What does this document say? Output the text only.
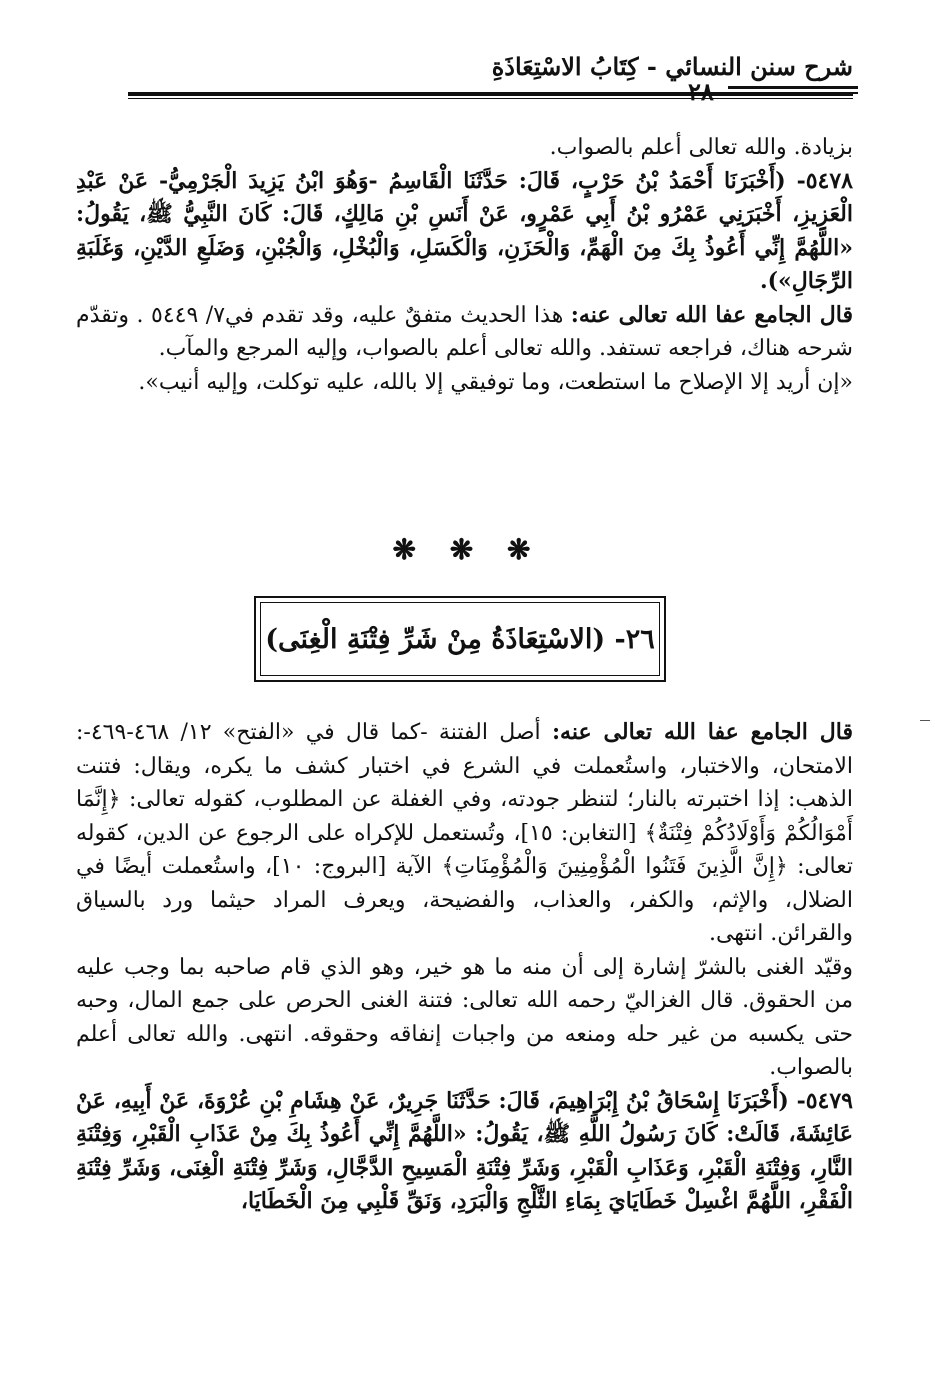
شرح سنن النسائي - كِتَابُ الاسْتِعَاذَةِ
٢٨

بزيادة. والله تعالى أعلم بالصواب.

٥٤٧٨- (أَخْبَرَنَا أَحْمَدُ بْنُ حَرْبٍ، قَالَ: حَدَّثَنَا الْقَاسِمُ -وَهُوَ ابْنُ يَزِيدَ الْجَرْمِيُّ- عَنْ عَبْدِ الْعَزِيزِ، أَخْبَرَنِي عَمْرُو بْنُ أَبِي عَمْرٍو، عَنْ أَنَسِ بْنِ مَالِكٍ، قَالَ: كَانَ النَّبِيُّ ﷺ، يَقُولُ: «اللَّهُمَّ إِنِّي أَعُوذُ بِكَ مِنَ الْهَمِّ، وَالْحَزَنِ، وَالْكَسَلِ، وَالْبُخْلِ، وَالْجُبْنِ، وَضَلَعِ الدَّيْنِ، وَغَلَبَةِ الرِّجَالِ»).

قال الجامع عفا الله تعالى عنه: هذا الحديث متفقٌ عليه، وقد تقدم في٧/ ٥٤٤٩ . وتقدّم شرحه هناك، فراجعه تستفد. والله تعالى أعلم بالصواب، وإليه المرجع والمآب.

«إن أريد إلا الإصلاح ما استطعت، وما توفيقي إلا بالله، عليه توكلت، وإليه أنيب».

❋ ❋ ❋
٢٦- (الاسْتِعَاذَةُ مِنْ شَرِّ فِتْنَةِ الْغِنَى)

قال الجامع عفا الله تعالى عنه: أصل الفتنة -كما قال في «الفتح» ١٢/ ٤٦٨-٤٦٩-: الامتحان، والاختبار، واستُعملت في الشرع في اختبار كشف ما يكره، ويقال: فتنت الذهب: إذا اختبرته بالنار؛ لتنظر جودته، وفي الغفلة عن المطلوب، كقوله تعالى: ﴿إِنَّمَا أَمْوَالُكُمْ وَأَوْلَادُكُمْ فِتْنَةٌ﴾ [التغابن: ١٥]، وتُستعمل للإكراه على الرجوع عن الدين، كقوله تعالى: ﴿إِنَّ الَّذِينَ فَتَنُوا الْمُؤْمِنِينَ وَالْمُؤْمِنَاتِ﴾ الآية [البروج: ١٠]، واستُعملت أيضًا في الضلال، والإثم، والكفر، والعذاب، والفضيحة، ويعرف المراد حيثما ورد بالسياق والقرائن. انتهى.

وقيّد الغنى بالشرّ إشارة إلى أن منه ما هو خير، وهو الذي قام صاحبه بما وجب عليه من الحقوق. قال الغزاليّ رحمه الله تعالى: فتنة الغنى الحرص على جمع المال، وحبه حتى يكسبه من غير حله ومنعه من واجبات إنفاقه وحقوقه. انتهى. والله تعالى أعلم بالصواب.

٥٤٧٩- (أَخْبَرَنَا إِسْحَاقُ بْنُ إِبْرَاهِيمَ، قَالَ: حَدَّثَنَا جَرِيرٌ، عَنْ هِشَامِ بْنِ عُرْوَةَ، عَنْ أَبِيهِ، عَنْ عَائِشَةَ، قَالَتْ: كَانَ رَسُولُ اللَّهِ ﷺ، يَقُولُ: «اللَّهُمَّ إِنِّي أَعُوذُ بِكَ مِنْ عَذَابِ الْقَبْرِ، وَفِتْنَةِ النَّارِ، وَفِتْنَةِ الْقَبْرِ، وَعَذَابِ الْقَبْرِ، وَشَرِّ فِتْنَةِ الْمَسِيحِ الدَّجَّالِ، وَشَرِّ فِتْنَةِ الْغِنَى، وَشَرِّ فِتْنَةِ الْفَقْرِ، اللَّهُمَّ اغْسِلْ خَطَايَايَ بِمَاءِ الثَّلْجِ وَالْبَرَدِ، وَنَقِّ قَلْبِي مِنَ الْخَطَايَا،
